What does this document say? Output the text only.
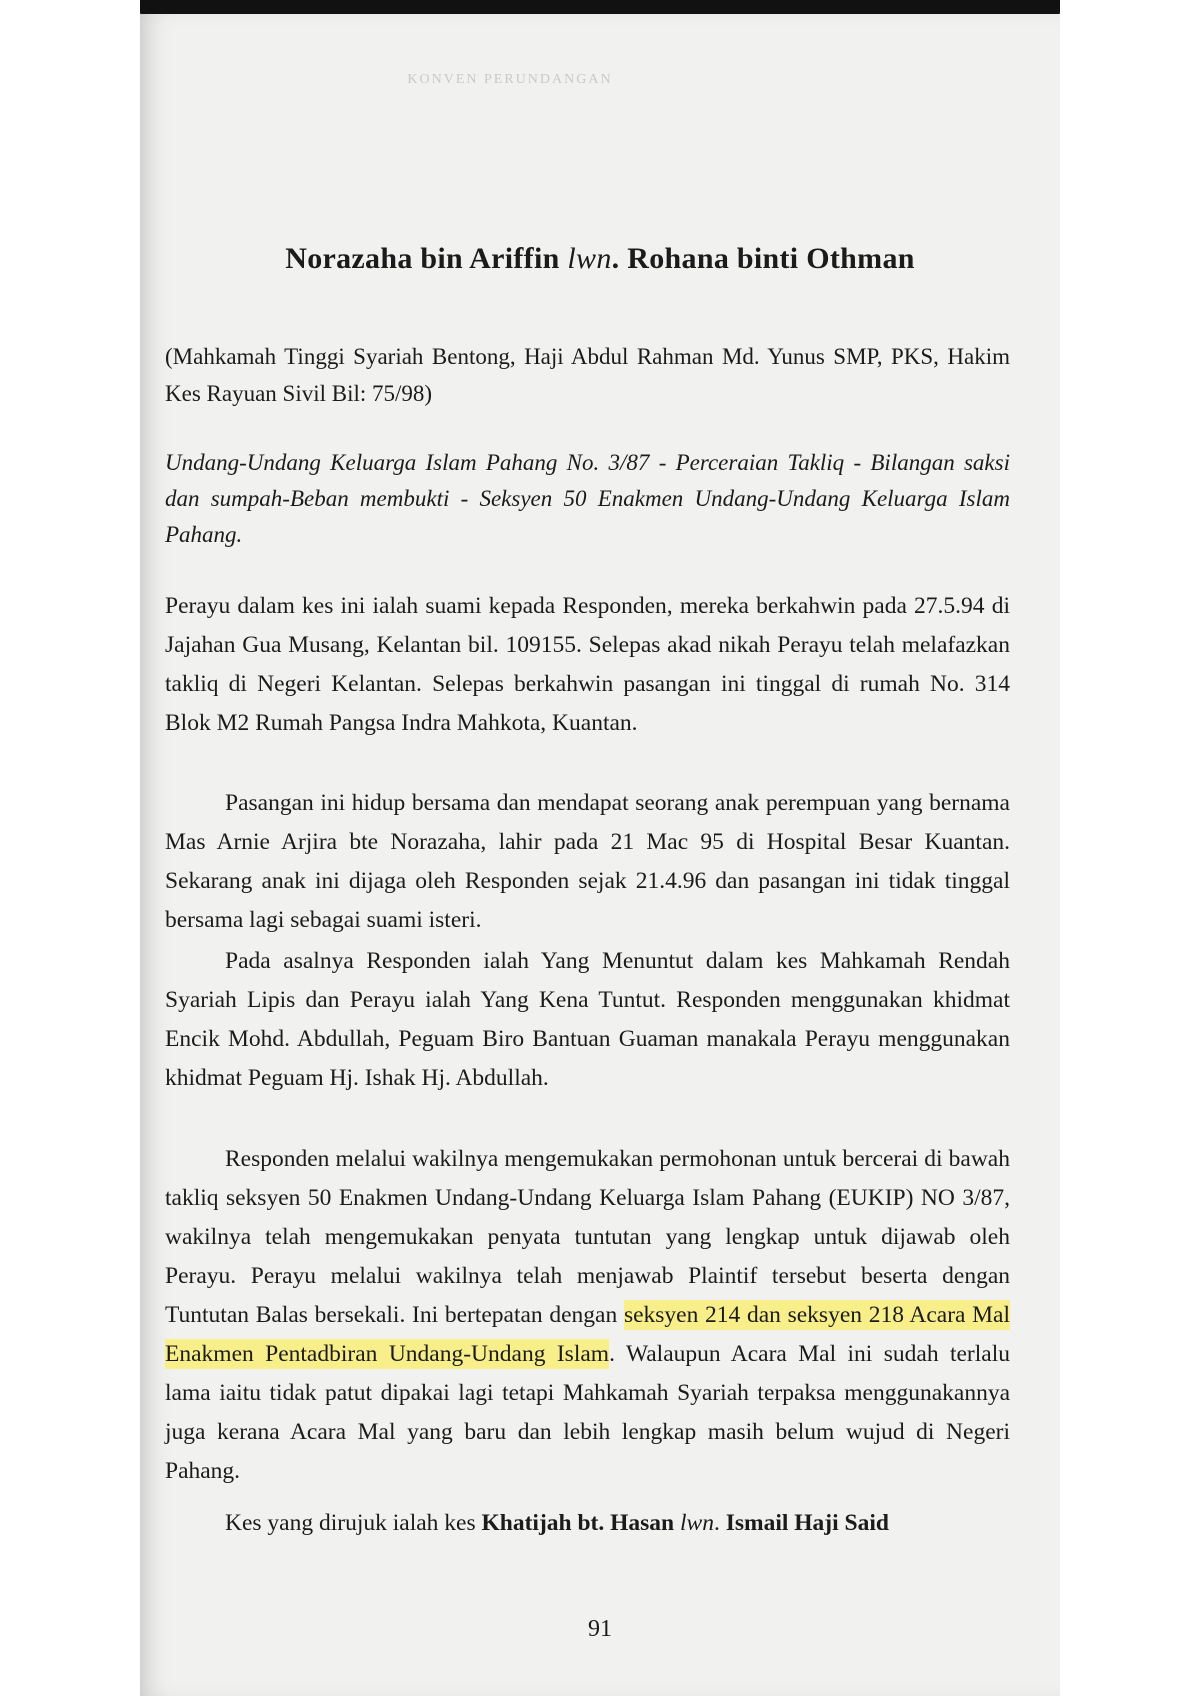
KONVEN PERUNDANGAN
Norazaha bin Ariffin lwn. Rohana binti Othman
(Mahkamah Tinggi Syariah Bentong, Haji Abdul Rahman Md. Yunus SMP, PKS, Hakim Kes Rayuan Sivil Bil: 75/98)
Undang-Undang Keluarga Islam Pahang No. 3/87 - Perceraian Takliq - Bilangan saksi dan sumpah-Beban membukti - Seksyen 50 Enakmen Undang-Undang Keluarga Islam Pahang.
Perayu dalam kes ini ialah suami kepada Responden, mereka berkahwin pada 27.5.94 di Jajahan Gua Musang, Kelantan bil. 109155. Selepas akad nikah Perayu telah melafazkan takliq di Negeri Kelantan. Selepas berkahwin pasangan ini tinggal di rumah No. 314 Blok M2 Rumah Pangsa Indra Mahkota, Kuantan.
Pasangan ini hidup bersama dan mendapat seorang anak perempuan yang bernama Mas Arnie Arjira bte Norazaha, lahir pada 21 Mac 95 di Hospital Besar Kuantan. Sekarang anak ini dijaga oleh Responden sejak 21.4.96 dan pasangan ini tidak tinggal bersama lagi sebagai suami isteri.
Pada asalnya Responden ialah Yang Menuntut dalam kes Mahkamah Rendah Syariah Lipis dan Perayu ialah Yang Kena Tuntut. Responden menggunakan khidmat Encik Mohd. Abdullah, Peguam Biro Bantuan Guaman manakala Perayu menggunakan khidmat Peguam Hj. Ishak Hj. Abdullah.
Responden melalui wakilnya mengemukakan permohonan untuk bercerai di bawah takliq seksyen 50 Enakmen Undang-Undang Keluarga Islam Pahang (EUKIP) NO 3/87, wakilnya telah mengemukakan penyata tuntutan yang lengkap untuk dijawab oleh Perayu. Perayu melalui wakilnya telah menjawab Plaintif tersebut beserta dengan Tuntutan Balas bersekali. Ini bertepatan dengan seksyen 214 dan seksyen 218 Acara Mal Enakmen Pentadbiran Undang-Undang Islam. Walaupun Acara Mal ini sudah terlalu lama iaitu tidak patut dipakai lagi tetapi Mahkamah Syariah terpaksa menggunakannya juga kerana Acara Mal yang baru dan lebih lengkap masih belum wujud di Negeri Pahang.
Kes yang dirujuk ialah kes Khatijah bt. Hasan lwn. Ismail Haji Said
91
